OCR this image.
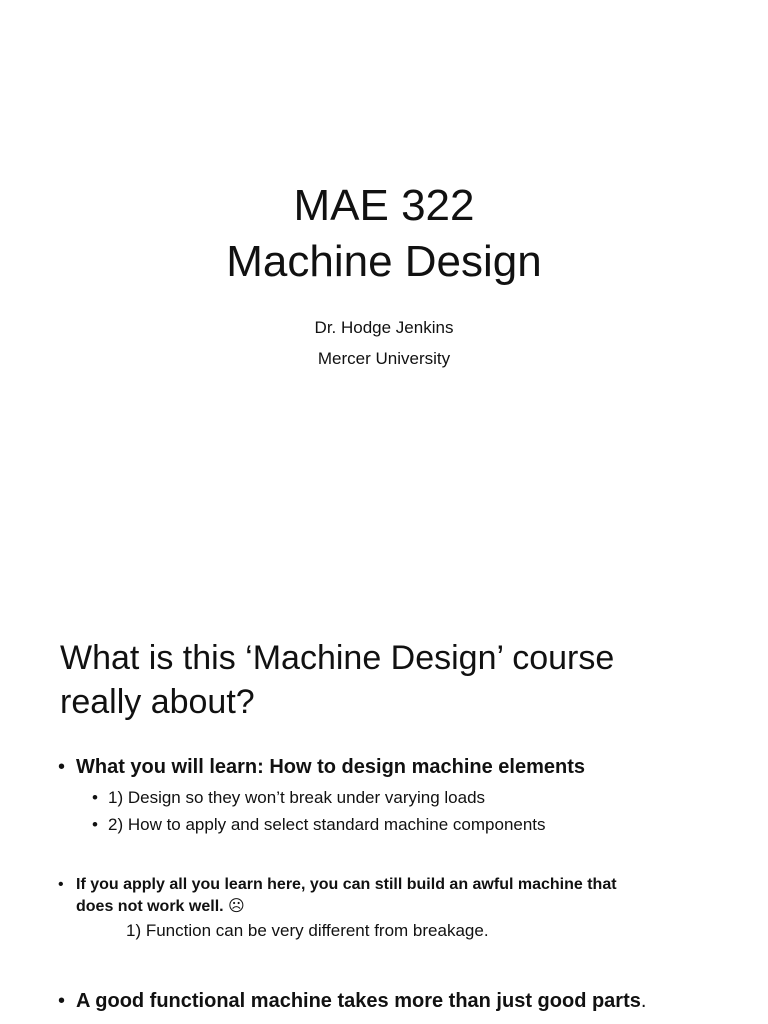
MAE 322
Machine Design
Dr. Hodge Jenkins
Mercer University
What is this ‘Machine Design’ course
really about?
• What you will learn: How to design machine elements
• 1) Design so they won’t break under varying loads
• 2) How to apply and select standard machine components
• If you apply all you learn here, you can still build an awful machine that
does not work well. ☹
1) Function can be very different from breakage.
• A good functional machine takes more than just good parts.
